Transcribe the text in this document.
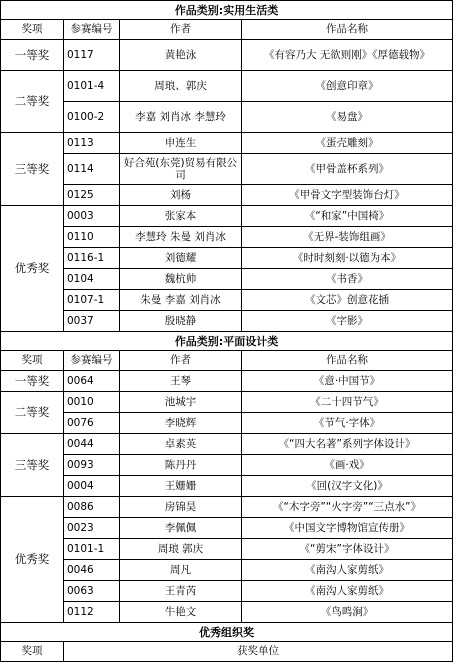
作品类别:实用生活类			
奖项	参赛编号	作者	作品名称
一等奖	0117	黄艳泳	《有容乃大 无欲则刚》《厚德载物》
二等奖	0101-4	周琅、郭庆	《创意印章》
	0100-2	李嘉 刘肖冰 李慧玲	《易盘》
三等奖	0113	申连生	《蛋壳雕刻》
	0114	好合苑(东莞)贸易有限公司	《甲骨盖杯系列》
	0125	刘杨	《甲骨文字型装饰台灯》
优秀奖	0003	张家本	《“和家”中国椅》
	0110	李慧玲 朱曼 刘肖冰	《无界-装饰组画》
	0116-1	刘德耀	《时时刻刻·以德为本》
	0104	魏杭帅	《书香》
	0107-1	朱曼 李嘉 刘肖冰	《文芯》创意花插
	0037	殷晓静	《字影》
作品类别:平面设计类			
奖项	参赛编号	作者	作品名称
一等奖	0064	王琴	《意·中国节》
二等奖	0010	池城宇	《二十四节气》
	0076	李晓辉	《节气·字体》
三等奖	0044	卓素英	《“四大名著”系列字体设计》
	0093	陈丹丹	《画·戏》
	0004	王姗姗	《回(汉字文化)》
优秀奖	0086	房锦昊	《“木字旁”“火字旁”“三点水”》
	0023	李佩佩	《中国文字博物馆宣传册》
	0101-1	周琅 郭庆	《“剪宋”字体设计》
	0046	周凡	《南沟人家剪纸》
	0063	王青芮	《南沟人家剪纸》
	0112	牛艳文	《鸟鸣涧》
优秀组织奖			
奖项	获奖单位		
